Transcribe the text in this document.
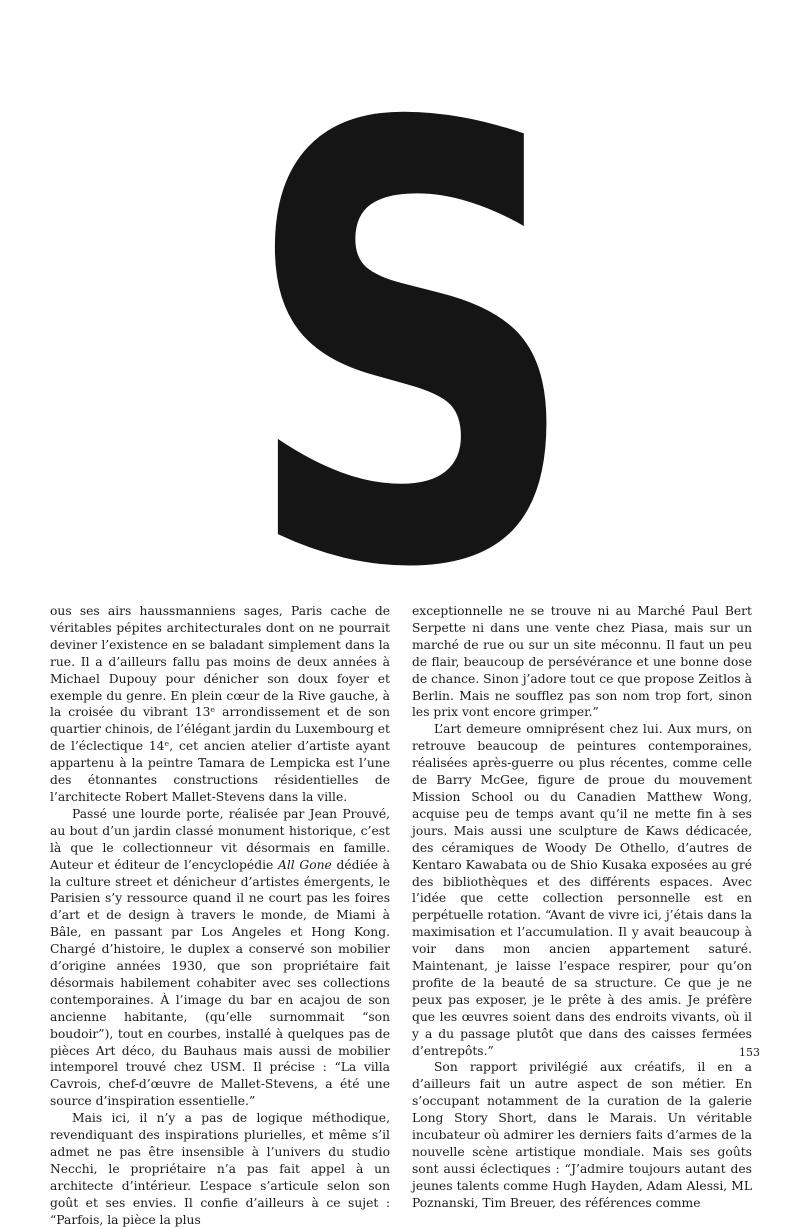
S

ous ses airs haussmanniens sages, Paris cache de véritables pépites architecturales dont on ne pourrait deviner l’existence en se baladant simplement dans la rue. Il a d’ailleurs fallu pas moins de deux années à Michael Dupouy pour dénicher son doux foyer et exemple du genre. En plein cœur de la Rive gauche, à la croisée du vibrant 13ᵉ arrondissement et de son quartier chinois, de l’élégant jardin du Luxembourg et de l’éclectique 14ᵉ, cet ancien atelier d’artiste ayant appartenu à la peintre Tamara de Lempicka est l’une des étonnantes constructions résidentielles de l’architecte Robert Mallet-Stevens dans la ville.

Passé une lourde porte, réalisée par Jean Prouvé, au bout d’un jardin classé monument historique, c’est là que le collectionneur vit désormais en famille. Auteur et éditeur de l’encyclopédie All Gone dédiée à la culture street et dénicheur d’artistes émergents, le Parisien s’y ressource quand il ne court pas les foires d’art et de design à travers le monde, de Miami à Bâle, en passant par Los Angeles et Hong Kong. Chargé d’histoire, le duplex a conservé son mobilier d’origine années 1930, que son propriétaire fait désormais habilement cohabiter avec ses collections contemporaines. À l’image du bar en acajou de son ancienne habitante, (qu’elle surnommait “son boudoir”), tout en courbes, installé à quelques pas de pièces Art déco, du Bauhaus mais aussi de mobilier intemporel trouvé chez USM. Il précise : “La villa Cavrois, chef-d’œuvre de Mallet-Stevens, a été une source d’inspiration essentielle.”

Mais ici, il n’y a pas de logique méthodique, revendiquant des inspirations plurielles, et même s’il admet ne pas être insensible à l’univers du studio Necchi, le propriétaire n’a pas fait appel à un architecte d’intérieur. L’espace s’articule selon son goût et ses envies. Il confie d’ailleurs à ce sujet : “Parfois, la pièce la plus

exceptionnelle ne se trouve ni au Marché Paul Bert Serpette ni dans une vente chez Piasa, mais sur un marché de rue ou sur un site méconnu. Il faut un peu de flair, beaucoup de persévérance et une bonne dose de chance. Sinon j’adore tout ce que propose Zeitlos à Berlin. Mais ne soufflez pas son nom trop fort, sinon les prix vont encore grimper.”

L’art demeure omniprésent chez lui. Aux murs, on retrouve beaucoup de peintures contemporaines, réalisées après-guerre ou plus récentes, comme celle de Barry McGee, figure de proue du mouvement Mission School ou du Canadien Matthew Wong, acquise peu de temps avant qu’il ne mette fin à ses jours. Mais aussi une sculpture de Kaws dédicacée, des céramiques de Woody De Othello, d’autres de Kentaro Kawabata ou de Shio Kusaka exposées au gré des bibliothèques et des différents espaces. Avec l’idée que cette collection personnelle est en perpétuelle rotation. “Avant de vivre ici, j’étais dans la maximisation et l’accumulation. Il y avait beaucoup à voir dans mon ancien appartement saturé. Maintenant, je laisse l’espace respirer, pour qu’on profite de la beauté de sa structure. Ce que je ne peux pas exposer, je le prête à des amis. Je préfère que les œuvres soient dans des endroits vivants, où il y a du passage plutôt que dans des caisses fermées d’entrepôts.”

Son rapport privilégié aux créatifs, il en a d’ailleurs fait un autre aspect de son métier. En s’occupant notamment de la curation de la galerie Long Story Short, dans le Marais. Un véritable incubateur où admirer les derniers faits d’armes de la nouvelle scène artistique mondiale. Mais ses goûts sont aussi éclectiques : “J’admire toujours autant des jeunes talents comme Hugh Hayden, Adam Alessi, ML Poznanski, Tim Breuer, des références comme

153
